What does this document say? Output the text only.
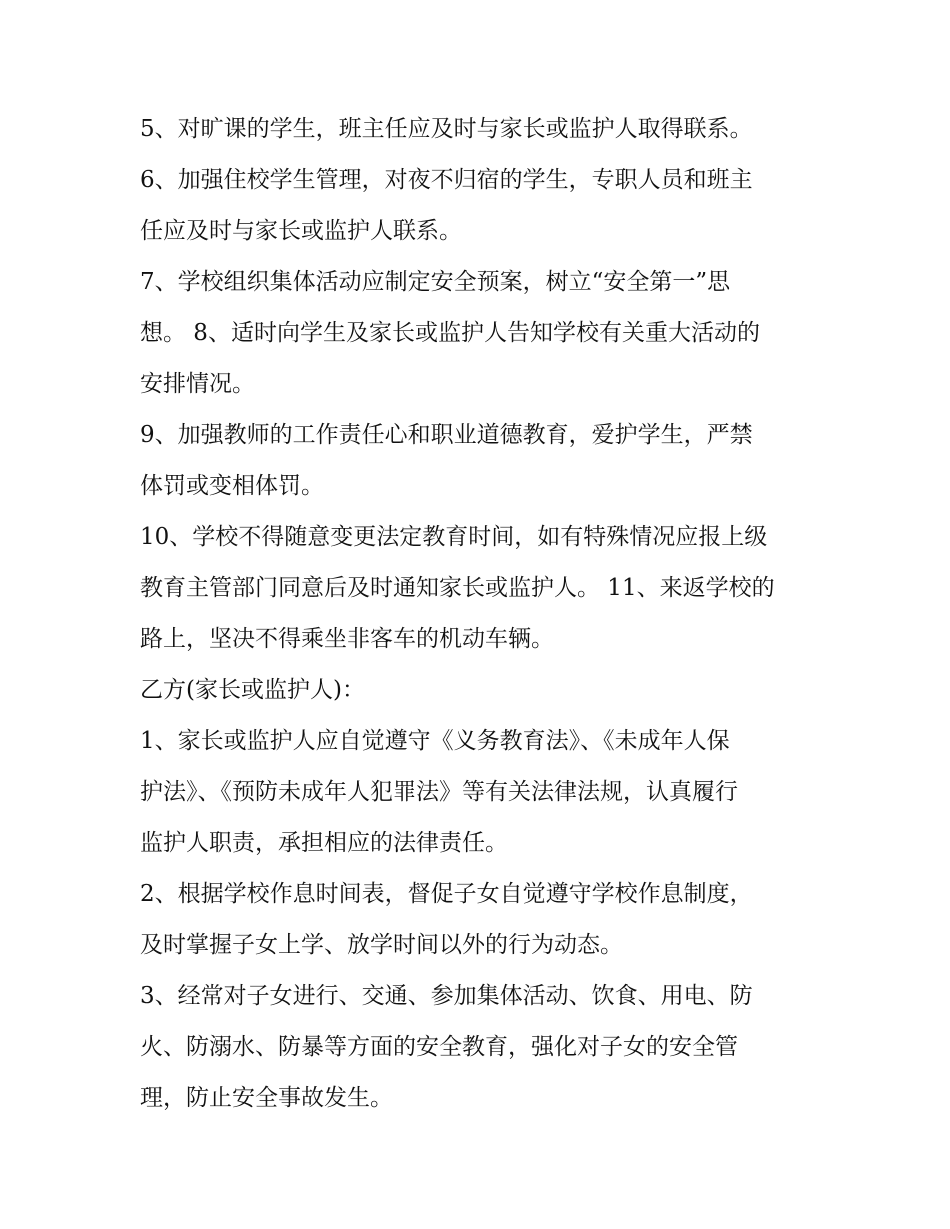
5、对旷课的学生，班主任应及时与家长或监护人取得联系。
6、加强住校学生管理，对夜不归宿的学生，专职人员和班主
任应及时与家长或监护人联系。
7、学校组织集体活动应制定安全预案，树立“安全第一”思
想。 8、适时向学生及家长或监护人告知学校有关重大活动的
安排情况。
9、加强教师的工作责任心和职业道德教育，爱护学生，严禁
体罚或变相体罚。
10、学校不得随意变更法定教育时间，如有特殊情况应报上级
教育主管部门同意后及时通知家长或监护人。 11、来返学校的
路上，坚决不得乘坐非客车的机动车辆。
乙方(家长或监护人)：
1、家长或监护人应自觉遵守《义务教育法》、《未成年人保
护法》、《预防未成年人犯罪法》等有关法律法规，认真履行
监护人职责，承担相应的法律责任。
2、根据学校作息时间表，督促子女自觉遵守学校作息制度，
及时掌握子女上学、放学时间以外的行为动态。
3、经常对子女进行、交通、参加集体活动、饮食、用电、防
火、防溺水、防暴等方面的安全教育，强化对子女的安全管
理，防止安全事故发生。
